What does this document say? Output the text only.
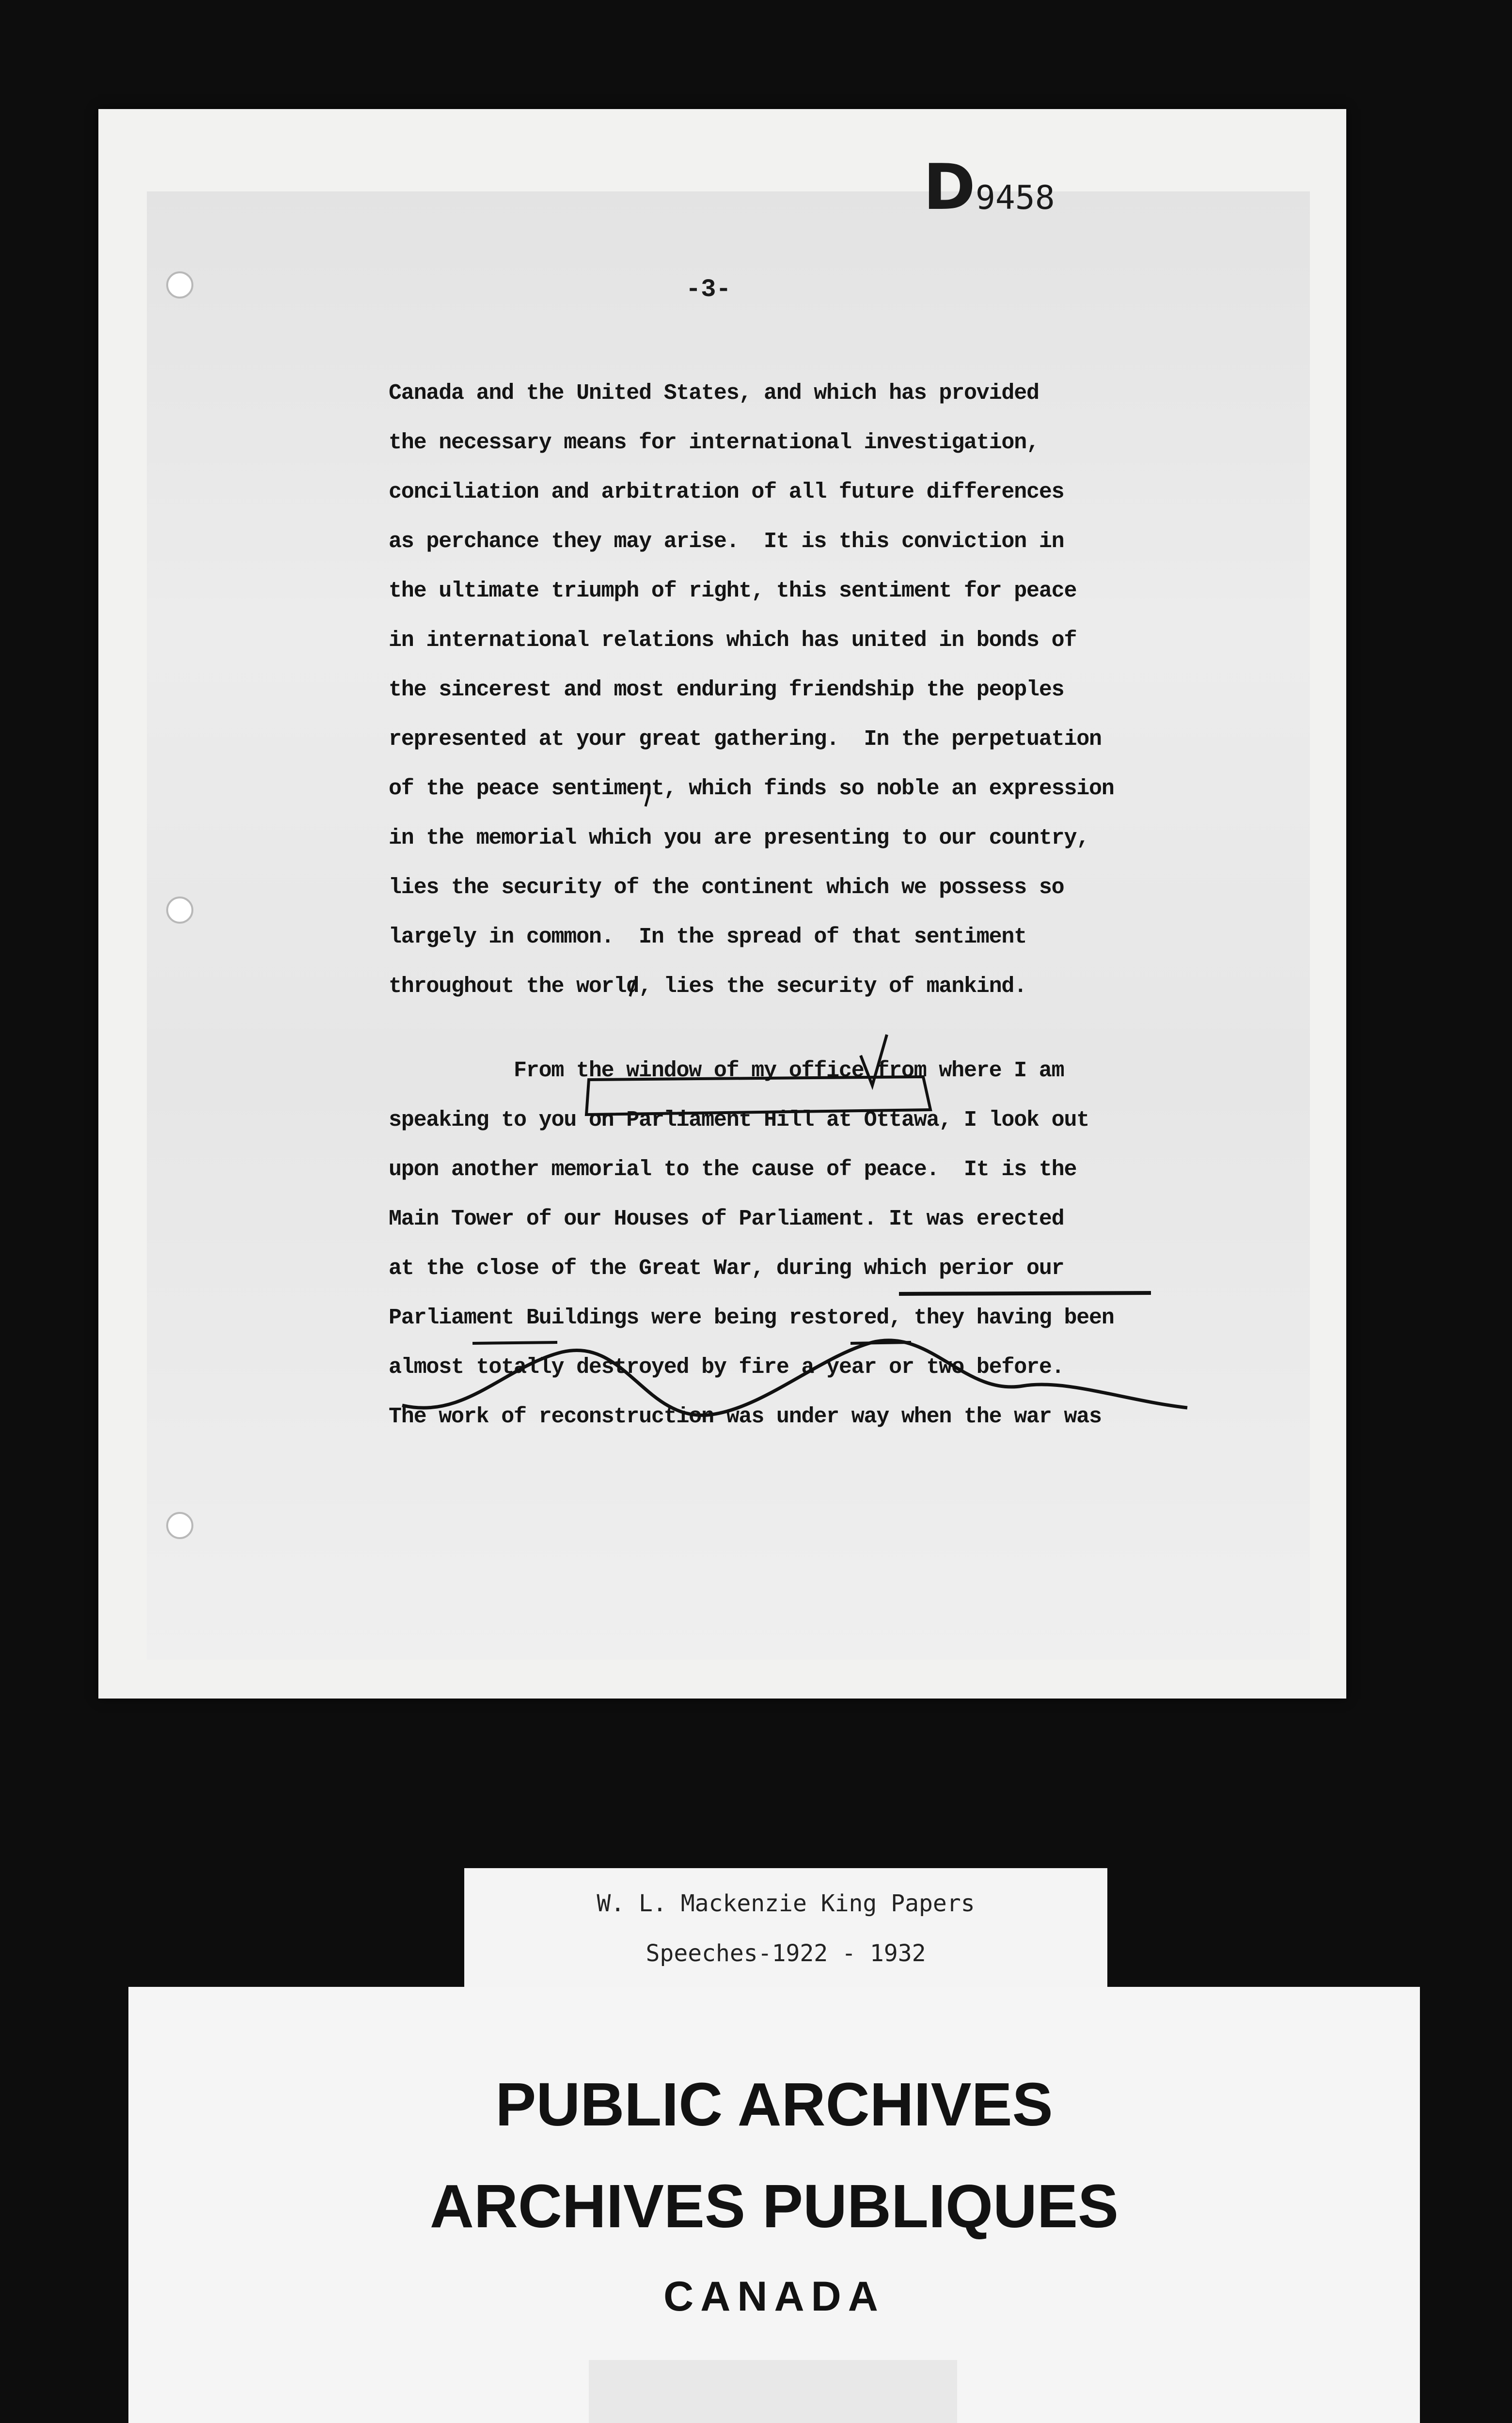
D9458
-3-
Canada and the United States, and which has provided
the necessary means for international investigation,
conciliation and arbitration of all future differences
as perchance they may arise.  It is this conviction in
the ultimate triumph of right, this sentiment for peace
in international relations which has united in bonds of
the sincerest and most enduring friendship the peoples
represented at your great gathering.  In the perpetuation
of the peace sentiment, which finds so noble an expression
in the memorial which you are presenting to our country,
lies the security of the continent which we possess so
largely in common.  In the spread of that sentiment
throughout the world, lies the security of mankind.
From the window of my office from where I am
speaking to you on Parliament Hill at Ottawa, I look out
upon another memorial to the cause of peace.  It is the
Main Tower of our Houses of Parliament. It was erected
at the close of the Great War, during which perior our
Parliament Buildings were being restored, they having been
almost totally destroyed by fire a year or two before.
The work of reconstruction was under way when the war was
W. L. Mackenzie King Papers
Speeches-1922 - 1932
PUBLIC ARCHIVES
ARCHIVES PUBLIQUES
CANADA
